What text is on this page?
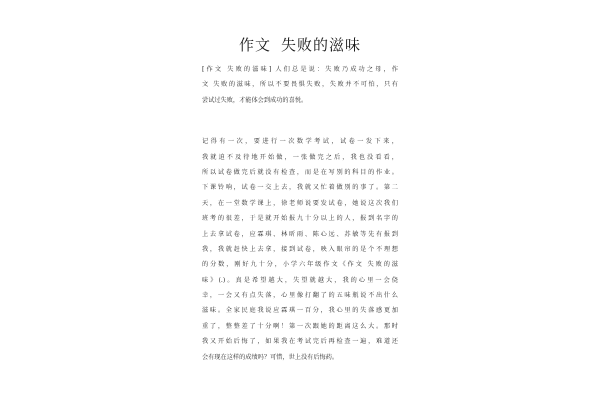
作文 失败的滋味
[作文 失败的滋味] 人们总是说：失败乃成功之母，作
文 失败的滋味，所以不要畏惧失败，失败并不可怕，只有
尝试过失败，才能体会到成功的喜悦。
记得有一次，要进行一次数学考试，试卷一发下来，
我就迫不及待地开始做，一张做完之后，我也没看看，
所以试卷做完后就没有检查，而是在写别的科目的作业。
下课铃响，试卷一交上去，我就又忙着做别的事了。第二
天，在一堂数学课上，徐老师说要发试卷，她说这次我们
班考的很差，于是就开始报九十分以上的人，报到名字的
上去拿试卷，应霖琪、林昕雨、陈心远、苏敏等先有报到
我，我就赶快上去拿，接到试卷，映入眼帘的是个不理想
的分数，刚好九十分，小学六年级作文《作文 失败的滋
味》(.)。真是希望越大，失望就越大，我的心里一会侥
幸，一会又有点失落，心里像打翻了的五味瓶说不出什么
滋味。全家民庭我说应霖琪一百分，我心里的失落感更加
重了，整整差了十分啊！第一次跟她的距离这么大。那时
我又开始后悔了，如果我在考试完后再检查一遍，难道还
会有现在这样的成绩吗？可惜，世上没有后悔药。
